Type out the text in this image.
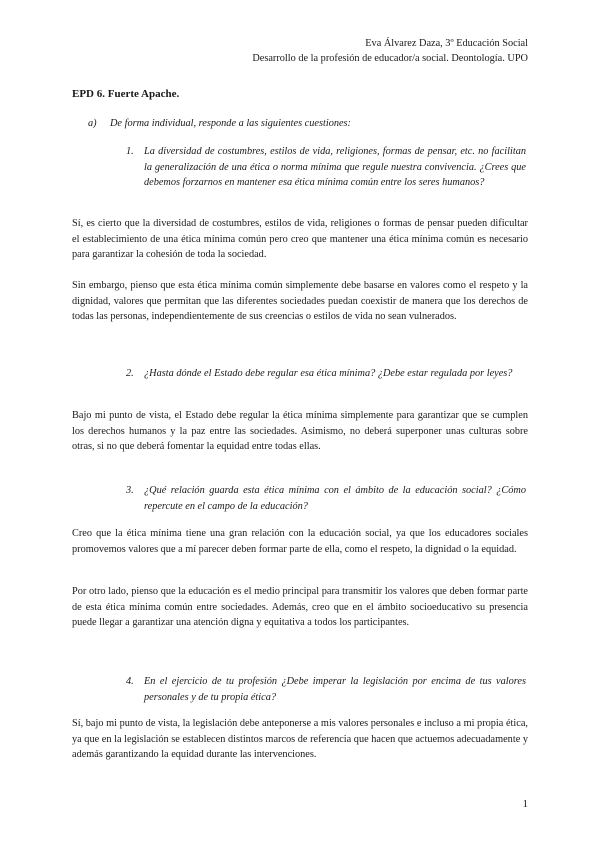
Eva Álvarez Daza, 3º Educación Social
Desarrollo de la profesión de educador/a social. Deontología. UPO
EPD 6. Fuerte Apache.
a) De forma individual, responde a las siguientes cuestiones:
1. La diversidad de costumbres, estilos de vida, religiones, formas de pensar, etc. no facilitan la generalización de una ética o norma mínima que regule nuestra convivencia. ¿Crees que debemos forzarnos en mantener esa ética mínima común entre los seres humanos?
Sí, es cierto que la diversidad de costumbres, estilos de vida, religiones o formas de pensar pueden dificultar el establecimiento de una ética mínima común pero creo que mantener una ética mínima común es necesario para garantizar la cohesión de toda la sociedad.
Sin embargo, pienso que esta ética mínima común simplemente debe basarse en valores como el respeto y la dignidad, valores que permitan que las diferentes sociedades puedan coexistir de manera que los derechos de todas las personas, independientemente de sus creencias o estilos de vida no sean vulnerados.
2. ¿Hasta dónde el Estado debe regular esa ética mínima? ¿Debe estar regulada por leyes?
Bajo mi punto de vista, el Estado debe regular la ética mínima simplemente para garantizar que se cumplen los derechos humanos y la paz entre las sociedades. Asimismo, no deberá superponer unas culturas sobre otras, si no que deberá fomentar la equidad entre todas ellas.
3. ¿Qué relación guarda esta ética mínima con el ámbito de la educación social? ¿Cómo repercute en el campo de la educación?
Creo que la ética mínima tiene una gran relación con la educación social, ya que los educadores sociales promovemos valores que a mí parecer deben formar parte de ella, como el respeto, la dignidad o la equidad.
Por otro lado, pienso que la educación es el medio principal para transmitir los valores que deben formar parte de esta ética mínima común entre sociedades. Además, creo que en el ámbito socioeducativo su presencia puede llegar a garantizar una atención digna y equitativa a todos los participantes.
4. En el ejercicio de tu profesión ¿Debe imperar la legislación por encima de tus valores personales y de tu propia ética?
Sí, bajo mi punto de vista, la legislación debe anteponerse a mis valores personales e incluso a mi propia ética, ya que en la legislación se establecen distintos marcos de referencia que hacen que actuemos adecuadamente y además garantizando la equidad durante las intervenciones.
1
